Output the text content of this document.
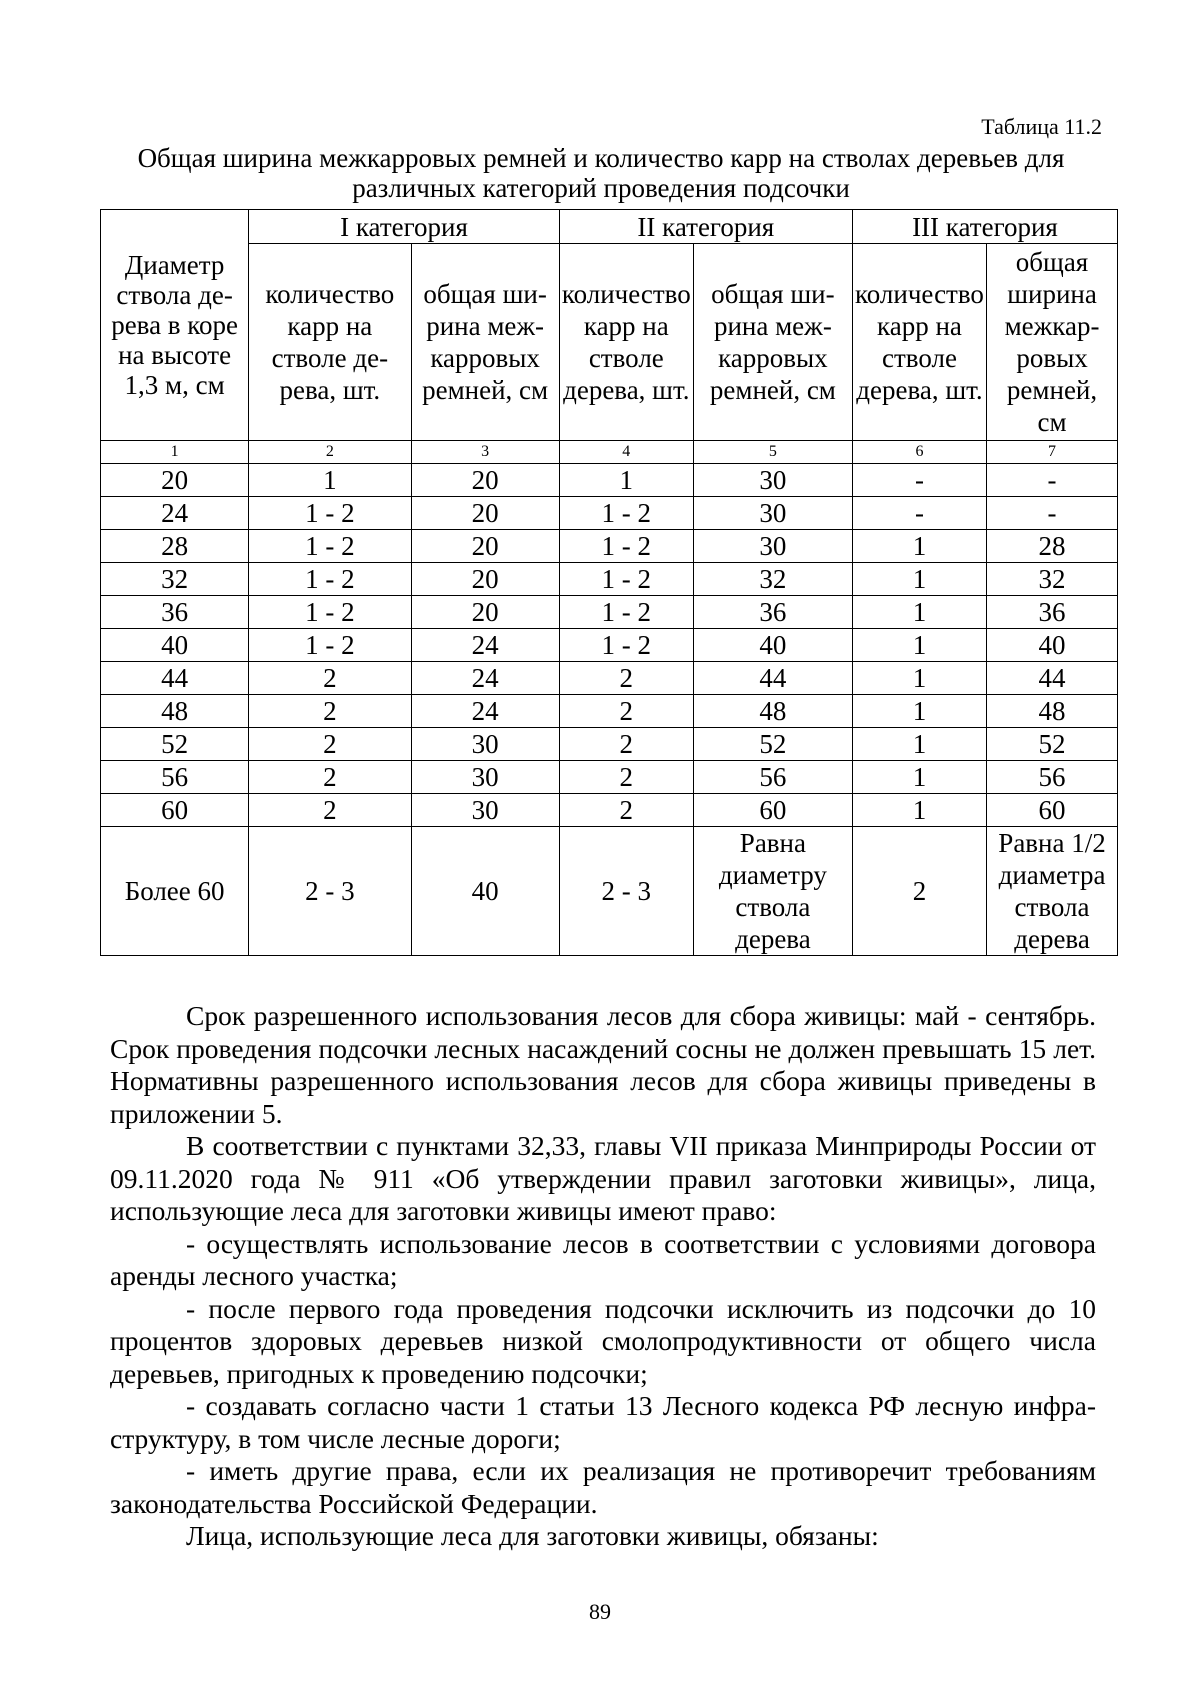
Таблица 11.2
Общая ширина межкарровых ремней и количество карр на стволах деревьев для различных категорий проведения подсочки
Диаметр ствола дерева в коре на высоте 1,3 м, см	I категория		II категория		III категория	
	количество карр на стволе дерева, шт.	общая ширина межкарровых ремней, см	количество карр на стволе дерева, шт.	общая ширина межкарровых ремней, см	количество карр на стволе дерева, шт.	общая ширина межкарровых ремней, см
1	2	3	4	5	6	7
20	1	20	1	30	-	-
24	1 - 2	20	1 - 2	30	-	-
28	1 - 2	20	1 - 2	30	1	28
32	1 - 2	20	1 - 2	32	1	32
36	1 - 2	20	1 - 2	36	1	36
40	1 - 2	24	1 - 2	40	1	40
44	2	24	2	44	1	44
48	2	24	2	48	1	48
52	2	30	2	52	1	52
56	2	30	2	56	1	56
60	2	30	2	60	1	60
Более 60	2 - 3	40	2 - 3	Равна диаметру ствола дерева	2	Равна 1/2 диаметра ствола дерева

Срок разрешенного использования лесов для сбора живицы: май - сентябрь. Срок проведения подсочки лесных насаждений сосны не должен превышать 15 лет. Нормативны разрешенного использования лесов для сбора живицы приведены в приложении 5.

В соответствии с пунктами 32,33, главы VII приказа Минприроды России от 09.11.2020 года № 911 «Об утверждении правил заготовки живицы», лица, использующие леса для заготовки живицы имеют право:

- осуществлять использование лесов в соответствии с условиями договора аренды лесного участка;

- после первого года проведения подсочки исключить из подсочки до 10 процентов здоровых деревьев низкой смолопродуктивности от общего числа деревьев, пригодных к проведению подсочки;

- создавать согласно части 1 статьи 13 Лесного кодекса РФ лесную инфраструктуру, в том числе лесные дороги;

- иметь другие права, если их реализация не противоречит требованиям законодательства Российской Федерации.

Лица, использующие леса для заготовки живицы, обязаны:

89
